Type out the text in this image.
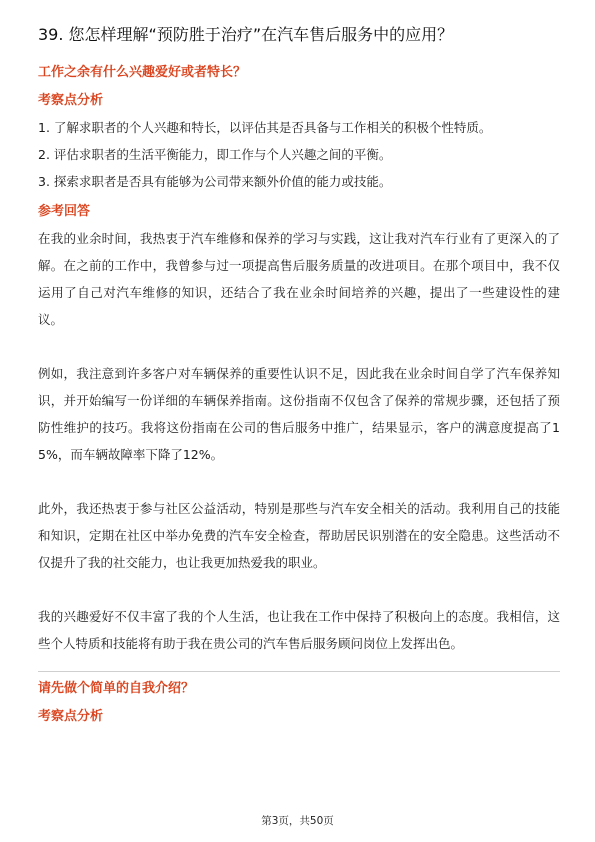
39. 您怎样理解“预防胜于治疗”在汽车售后服务中的应用？
工作之余有什么兴趣爱好或者特长？
考察点分析
1. 了解求职者的个人兴趣和特长，以评估其是否具备与工作相关的积极个性特质。
2. 评估求职者的生活平衡能力，即工作与个人兴趣之间的平衡。
3. 探索求职者是否具有能够为公司带来额外价值的能力或技能。
参考回答

在我的业余时间，我热衷于汽车维修和保养的学习与实践，这让我对汽车行业有了更深入的了解。在之前的工作中，我曾参与过一项提高售后服务质量的改进项目。在那个项目中，我不仅运用了自己对汽车维修的知识，还结合了我在业余时间培养的兴趣，提出了一些建设性的建议。

例如，我注意到许多客户对车辆保养的重要性认识不足，因此我在业余时间自学了汽车保养知识，并开始编写一份详细的车辆保养指南。这份指南不仅包含了保养的常规步骤，还包括了预防性维护的技巧。我将这份指南在公司的售后服务中推广，结果显示，客户的满意度提高了15%，而车辆故障率下降了12%。

此外，我还热衷于参与社区公益活动，特别是那些与汽车安全相关的活动。我利用自己的技能和知识，定期在社区中举办免费的汽车安全检查，帮助居民识别潜在的安全隐患。这些活动不仅提升了我的社交能力，也让我更加热爱我的职业。

我的兴趣爱好不仅丰富了我的个人生活，也让我在工作中保持了积极向上的态度。我相信，这些个人特质和技能将有助于我在贵公司的汽车售后服务顾问岗位上发挥出色。

请先做个简单的自我介绍？
考察点分析
第3页，共50页
